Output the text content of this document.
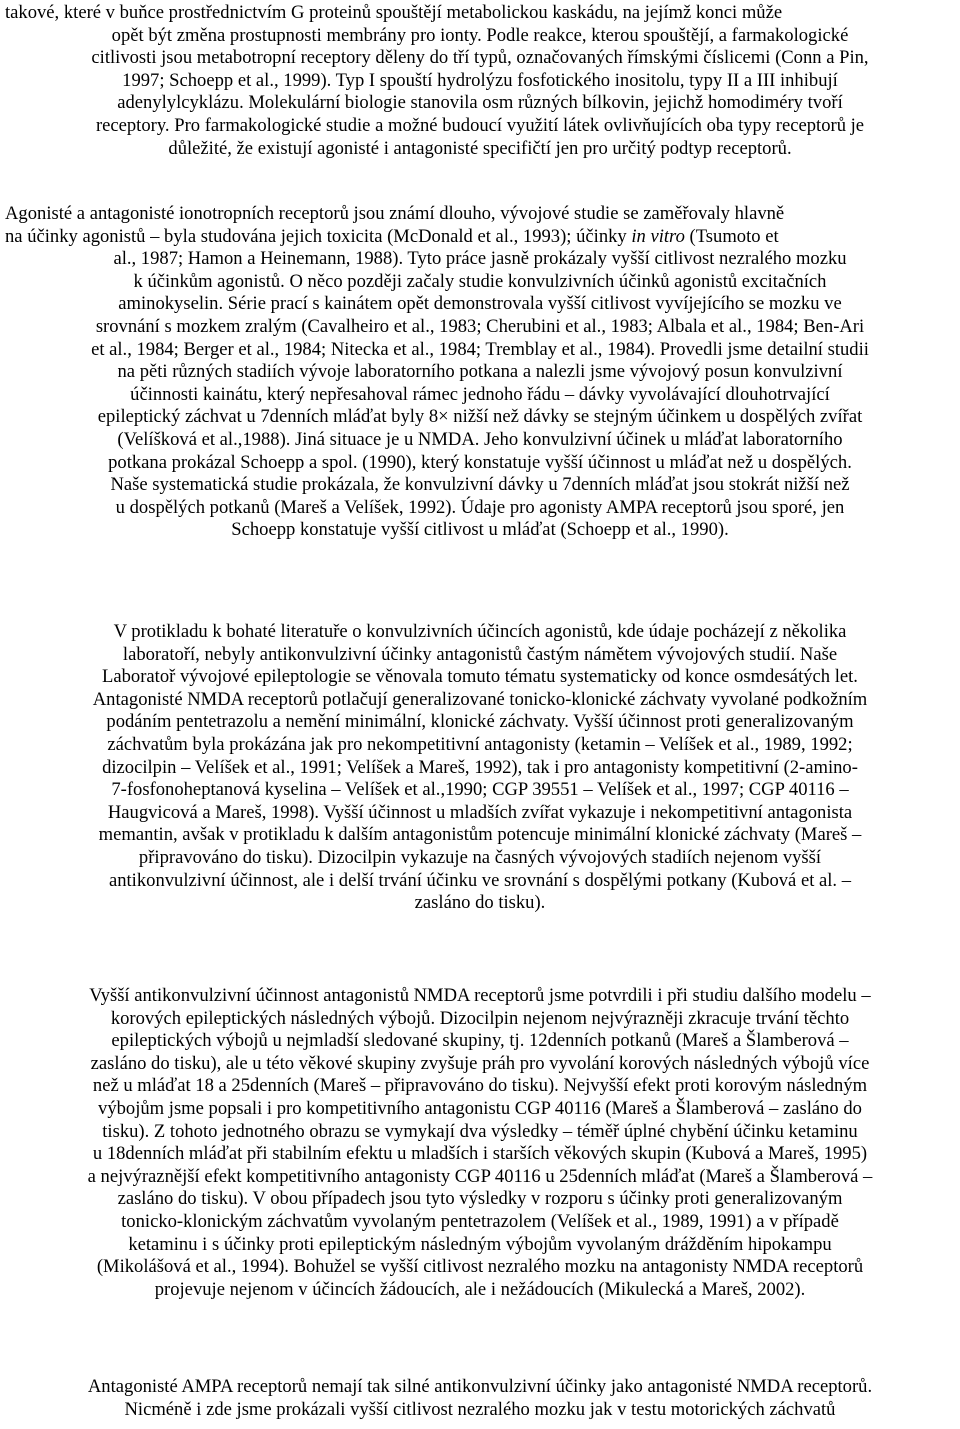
takové, které v buňce prostřednictvím G proteinů spouštějí metabolickou kaskádu, na jejímž konci může
opět být změna prostupnosti membrány pro ionty. Podle reakce, kterou spouštějí, a farmakologické
citlivosti jsou metabotropní receptory děleny do tří typů, označovaných římskými číslicemi (Conn a Pin,
1997; Schoepp et al., 1999). Typ I spouští hydrolýzu fosfotického inositolu, typy II a III inhibují
adenylylcyklázu. Molekulární biologie stanovila osm různých bílkovin, jejichž homodiméry tvoří
receptory. Pro farmakologické studie a možné budoucí využití látek ovlivňujících oba typy receptorů je
důležité, že existují agonisté i antagonisté specifičtí jen pro určitý podtyp receptorů.
Agonisté a antagonisté ionotropních receptorů jsou známí dlouho, vývojové studie se zaměřovaly hlavně
na účinky agonistů – byla studována jejich toxicita (McDonald et al., 1993); účinky in vitro (Tsumoto et
al., 1987; Hamon a Heinemann, 1988). Tyto práce jasně prokázaly vyšší citlivost nezralého mozku
k účinkům agonistů. O něco později začaly studie konvulzivních účinků agonistů excitačních
aminokyselin. Série prací s kainátem opět demonstrovala vyšší citlivost vyvíjejícího se mozku ve
srovnání s mozkem zralým (Cavalheiro et al., 1983; Cherubini et al., 1983; Albala et al., 1984; Ben-Ari
et al., 1984; Berger et al., 1984; Nitecka et al., 1984; Tremblay et al., 1984). Provedli jsme detailní studii
na pěti různých stadiích vývoje laboratorního potkana a nalezli jsme vývojový posun konvulzivní
účinnosti kainátu, který nepřesahoval rámec jednoho řádu – dávky vyvolávající dlouhotrvající
epileptický záchvat u 7denních mláďat byly 8× nižší než dávky se stejným účinkem u dospělých zvířat
(Velíšková et al.,1988). Jiná situace je u NMDA. Jeho konvulzivní účinek u mláďat laboratorního
potkana prokázal Schoepp a spol. (1990), který konstatuje vyšší účinnost u mláďat než u dospělých.
Naše systematická studie prokázala, že konvulzivní dávky u 7denních mláďat jsou stokrát nižší než
u dospělých potkanů (Mareš a Velíšek, 1992). Údaje pro agonisty AMPA receptorů jsou sporé, jen
Schoepp konstatuje vyšší citlivost u mláďat (Schoepp et al., 1990).
V protikladu k bohaté literatuře o konvulzivních účincích agonistů, kde údaje pocházejí z několika
laboratoří, nebyly antikonvulzivní účinky antagonistů častým námětem vývojových studií. Naše
Laboratoř vývojové epileptologie se věnovala tomuto tématu systematicky od konce osmdesátých let.
Antagonisté NMDA receptorů potlačují generalizované tonicko-klonické záchvaty vyvolané podkožním
podáním pentetrazolu a nemění minimální, klonické záchvaty. Vyšší účinnost proti generalizovaným
záchvatům byla prokázána jak pro nekompetitivní antagonisty (ketamin – Velíšek et al., 1989, 1992;
dizocilpin – Velíšek et al., 1991; Velíšek a Mareš, 1992), tak i pro antagonisty kompetitivní (2-amino-
7-fosfonoheptanová kyselina – Velíšek et al.,1990; CGP 39551 – Velíšek et al., 1997; CGP 40116 –
Haugvicová a Mareš, 1998). Vyšší účinnost u mladších zvířat vykazuje i nekompetitivní antagonista
memantin, avšak v protikladu k dalším antagonistům potencuje minimální klonické záchvaty (Mareš –
připravováno do tisku). Dizocilpin vykazuje na časných vývojových stadiích nejenom vyšší
antikonvulzivní účinnost, ale i delší trvání účinku ve srovnání s dospělými potkany (Kubová et al. –
zasláno do tisku).
Vyšší antikonvulzivní účinnost antagonistů NMDA receptorů jsme potvrdili i při studiu dalšího modelu –
korových epileptických následných výbojů. Dizocilpin nejenom nejvýrazněji zkracuje trvání těchto
epileptických výbojů u nejmladší sledované skupiny, tj. 12denních potkanů (Mareš a Šlamberová –
zasláno do tisku), ale u této věkové skupiny zvyšuje práh pro vyvolání korových následných výbojů více
než u mláďat 18 a 25denních (Mareš – připravováno do tisku). Nejvyšší efekt proti korovým následným
výbojům jsme popsali i pro kompetitivního antagonistu CGP 40116 (Mareš a Šlamberová – zasláno do
tisku). Z tohoto jednotného obrazu se vymykají dva výsledky – téměř úplné chybění účinku ketaminu
u 18denních mláďat při stabilním efektu u mladších i starších věkových skupin (Kubová a Mareš, 1995)
a nejvýraznější efekt kompetitivního antagonisty CGP 40116 u 25denních mláďat (Mareš a Šlamberová –
zasláno do tisku). V obou případech jsou tyto výsledky v rozporu s účinky proti generalizovaným
tonicko-klonickým záchvatům vyvolaným pentetrazolem (Velíšek et al., 1989, 1991) a v případě
ketaminu i s účinky proti epileptickým následným výbojům vyvolaným drážděním hipokampu
(Mikolášová et al., 1994). Bohužel se vyšší citlivost nezralého mozku na antagonisty NMDA receptorů
projevuje nejenom v účincích žádoucích, ale i nežádoucích (Mikulecká a Mareš, 2002).
Antagonisté AMPA receptorů nemají tak silné antikonvulzivní účinky jako antagonisté NMDA receptorů.
Nicméně i zde jsme prokázali vyšší citlivost nezralého mozku jak v testu motorických záchvatů
